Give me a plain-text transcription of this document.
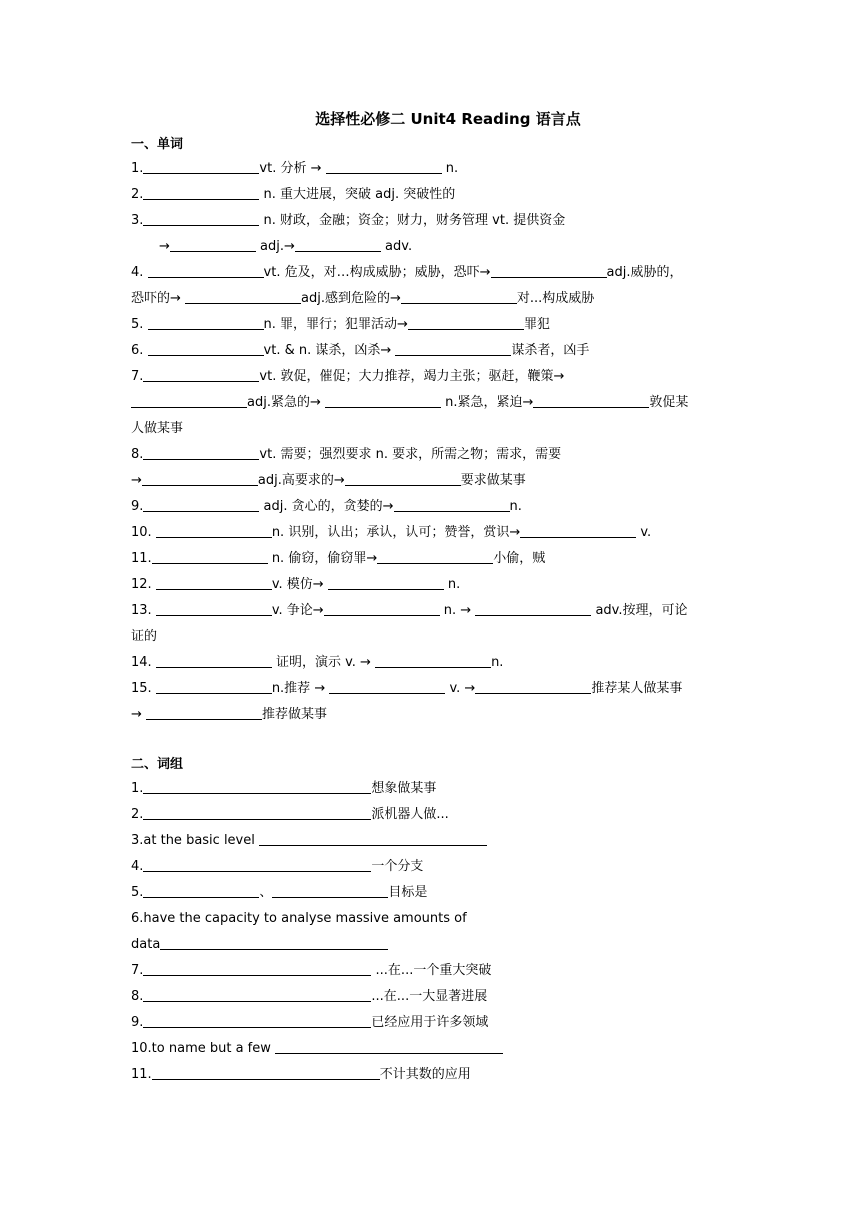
选择性必修二 Unit4 Reading 语言点
一、单词
1.	vt. 分析 →	n.
2.	n. 重大进展，突破 adj. 突破性的
3.	n. 财政，金融；资金；财力，财务管理 vt. 提供资金
→	adj.→	adv.
4.	vt. 危及，对…构成威胁；威胁，恐吓→	adj.威胁的，
恐吓的→	adj.感到危险的→	对...构成威胁
5.	n. 罪，罪行；犯罪活动→	罪犯
6.	vt. & n. 谋杀，凶杀→	谋杀者，凶手
7.	vt. 敦促，催促；大力推荐，竭力主张；驱赶，鞭策→
adj.紧急的→	n.紧急，紧迫→	敦促某
人做某事
8.	vt. 需要；强烈要求 n. 要求，所需之物；需求，需要
→	adj.高要求的→	要求做某事
9.	adj. 贪心的，贪婪的→	n.
10.	n. 识别，认出；承认，认可；赞誉，赏识→	v.
11.	n. 偷窃，偷窃罪→	小偷，贼
12.	v. 模仿→	n.
13.	v. 争论→	n. →	adv.按理，可论
证的
14.	证明，演示 v. →	n.
15.	n.推荐 →	v. →	推荐某人做某事
→	推荐做某事
二、词组
1.	想象做某事
2.	派机器人做...
3.at the basic level
4.	一个分支
5.	、	目标是
6.have the capacity to analyse massive amounts of
data
7.	...在...一个重大突破
8.	...在...一大显著进展
9.	已经应用于许多领域
10.to name but a few
11.	不计其数的应用
